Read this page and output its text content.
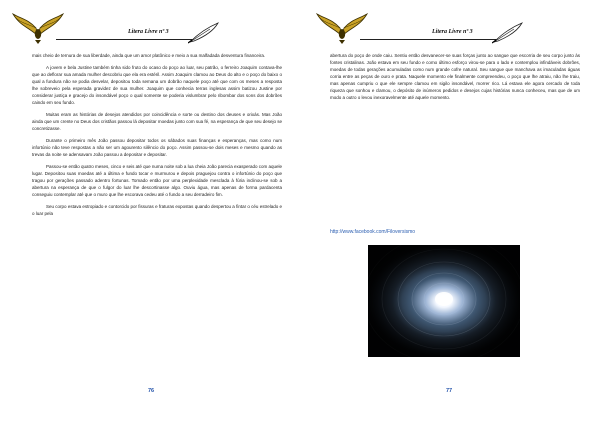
Litera Livre nº 3

mais cheio de ternura de sua liberdade, ainda que um amor platônico e meio a sua malfadada desventura financeira.

A jovem e bela Justine também tinha sido fruto do ocaso do poço ao luar, seu patrão, o ferreiro Joaquim contava-lhe que ao deflorar sua amada mulher descobriu que ela era estéril. Assim Joaquim clamou ao Deus do alto e o poço do baixo o qual a fundura não se podia desvelar, depositou toda semana um dobrão naquele poço até que com os meses a resposta lhe sobreveio pela esperada gravidez de sua mulher. Joaquim que conhecia terras inglesas assim batizou Justine por considerar justiça e gracejo do insondável poço o qual somente se poderia vislumbrar pelo ribombar dos sons dos dobrões caindo em seu fundo.

Muitas eram as histórias de desejos atendidos por coincidência e sorte ou destino dos deuses e orixás. Mas João ainda que um crente no Deus dos cristãos passou lá depositar moedas junto com sua fé, na esperança de que seu desejo se concretizasse.

Durante o primeiro mês João passou depositar todos os sábados suas finanças e esperanças, mas como num infortúnio não teve respostas a não ser um agourento silêncio do poço. Assim passou-se dois meses e mesmo quando as trevas da noite se adensavam João passou a depositar e depositar.

Passou-se então quatro meses, cinco e seis até que numa noite sob a lua cheia João parecia exasperado com aquele lugar. Depositou suas moedas até a última e fundo tocar e murmurou e depois praguejou contra o infortúnio do poço que tragou por gerações passado adentro fortunas. Tomado então por uma perplexidade mesclada à fúria inclinou-se sob a abertura na esperança de que o fulgor do luar lhe descortinasse algo. Ouviu água, mas apenas de forma pardacenta conseguiu contemplar até que o muro que lhe escorava cedeu até o fundo a seu derradeiro fim.

Seu corpo estava estropiado e contorcido por fissuras e fraturas expostas quando despertou a fintar o céu estrelado e o luar pela

76
Litera Livre nº 3

abertura do poço de onde caiu. Sentiu então desvanecer-se suas forças junto ao sangue que escorria de seu corpo junto às fontes cristalinas. João estava em seu fundo e como último esforço virou-se para o lado e contemplou infindáveis dobrões, moedas de todas gerações acumuladas como num grande cofre natural. Seu sangue que manchava as imaculadas águas corria entre as peças de ouro e prata. Naquele momento ele finalmente compreendeu, o poço que lhe atraiu, não lhe traiu, mas apenas cumpriu o que ele sempre clamou em sigilo insondável, morrer rico. Lá estava ele agora cercado de toda riqueza que sonhou e clamou, o depósito de inúmeros pedidos e desejos cujas histórias nunca conheceu, mas que de um modo a outro o levou inexoravelmente até aquele momento.

http://www.facebook.com/Filoversismo
77
